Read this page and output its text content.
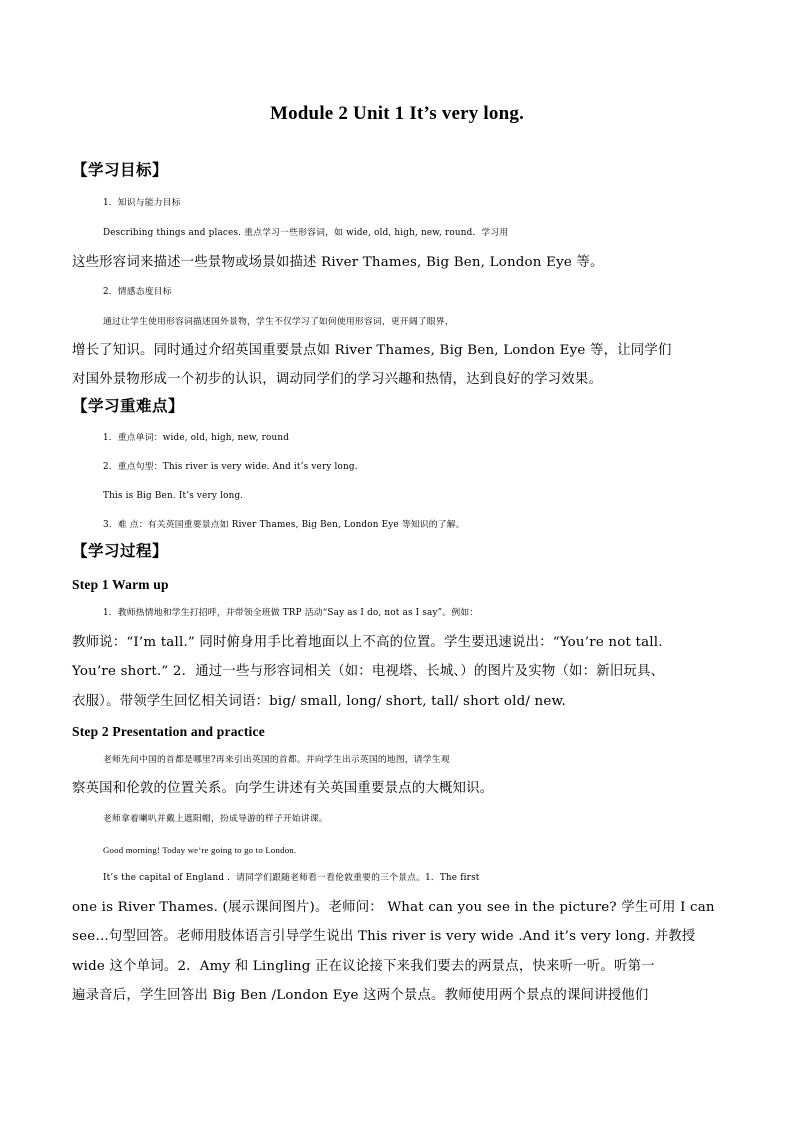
Module 2 Unit 1 It’s very long.
【学习目标】
1．知识与能力目标
Describing things and places. 重点学习一些形容词，如 wide, old, high, new, round．学习用
这些形容词来描述一些景物或场景如描述 River Thames, Big Ben, London Eye 等。
2．情感态度目标
通过让学生使用形容词描述国外景物，学生不仅学习了如何使用形容词，更开阔了眼界，
增长了知识。同时通过介绍英国重要景点如 River Thames, Big Ben, London Eye 等，让同学们
对国外景物形成一个初步的认识，调动同学们的学习兴趣和热情，达到良好的学习效果。
【学习重难点】
1．重点单词：wide, old, high, new, round
2．重点句型：This river is very wide. And it’s very long.
This is Big Ben. It’s very long.
3．难 点：有关英国重要景点如 River Thames, Big Ben, London Eye 等知识的了解。
【学习过程】
Step 1 Warm up
1．教师热情地和学生打招呼，并带领全班做 TRP 活动“Say as I do, not as I say”。例如：
教师说：“I’m tall.” 同时俯身用手比着地面以上不高的位置。学生要迅速说出：“You’re not tall.
You’re short.” 2．通过一些与形容词相关（如：电视塔、长城、）的图片及实物（如：新旧玩具、
衣服）。带领学生回忆相关词语：big/ small, long/ short, tall/ short old/ new.
Step 2 Presentation and practice
老师先问中国的首都是哪里?再来引出英国的首都。并向学生出示英国的地图，请学生观
察英国和伦敦的位置关系。向学生讲述有关英国重要景点的大概知识。
老师拿着喇叭并戴上遮阳帽，扮成导游的样子开始讲课。
Good morning! Today we’re going to go to London.
It’s the capital of England ．请同学们跟随老师看一看伦敦重要的三个景点。1．The first
one is River Thames. (展示课间图片)。老师问： What can you see in the picture? 学生可用 I can
see…句型回答。老师用肢体语言引导学生说出 This river is very wide .And it’s very long. 并教授
wide 这个单词。2．Amy 和 Lingling 正在议论接下来我们要去的两景点，快来听一听。听第一
遍录音后，学生回答出 Big Ben /London Eye 这两个景点。教师使用两个景点的课间讲授他们
